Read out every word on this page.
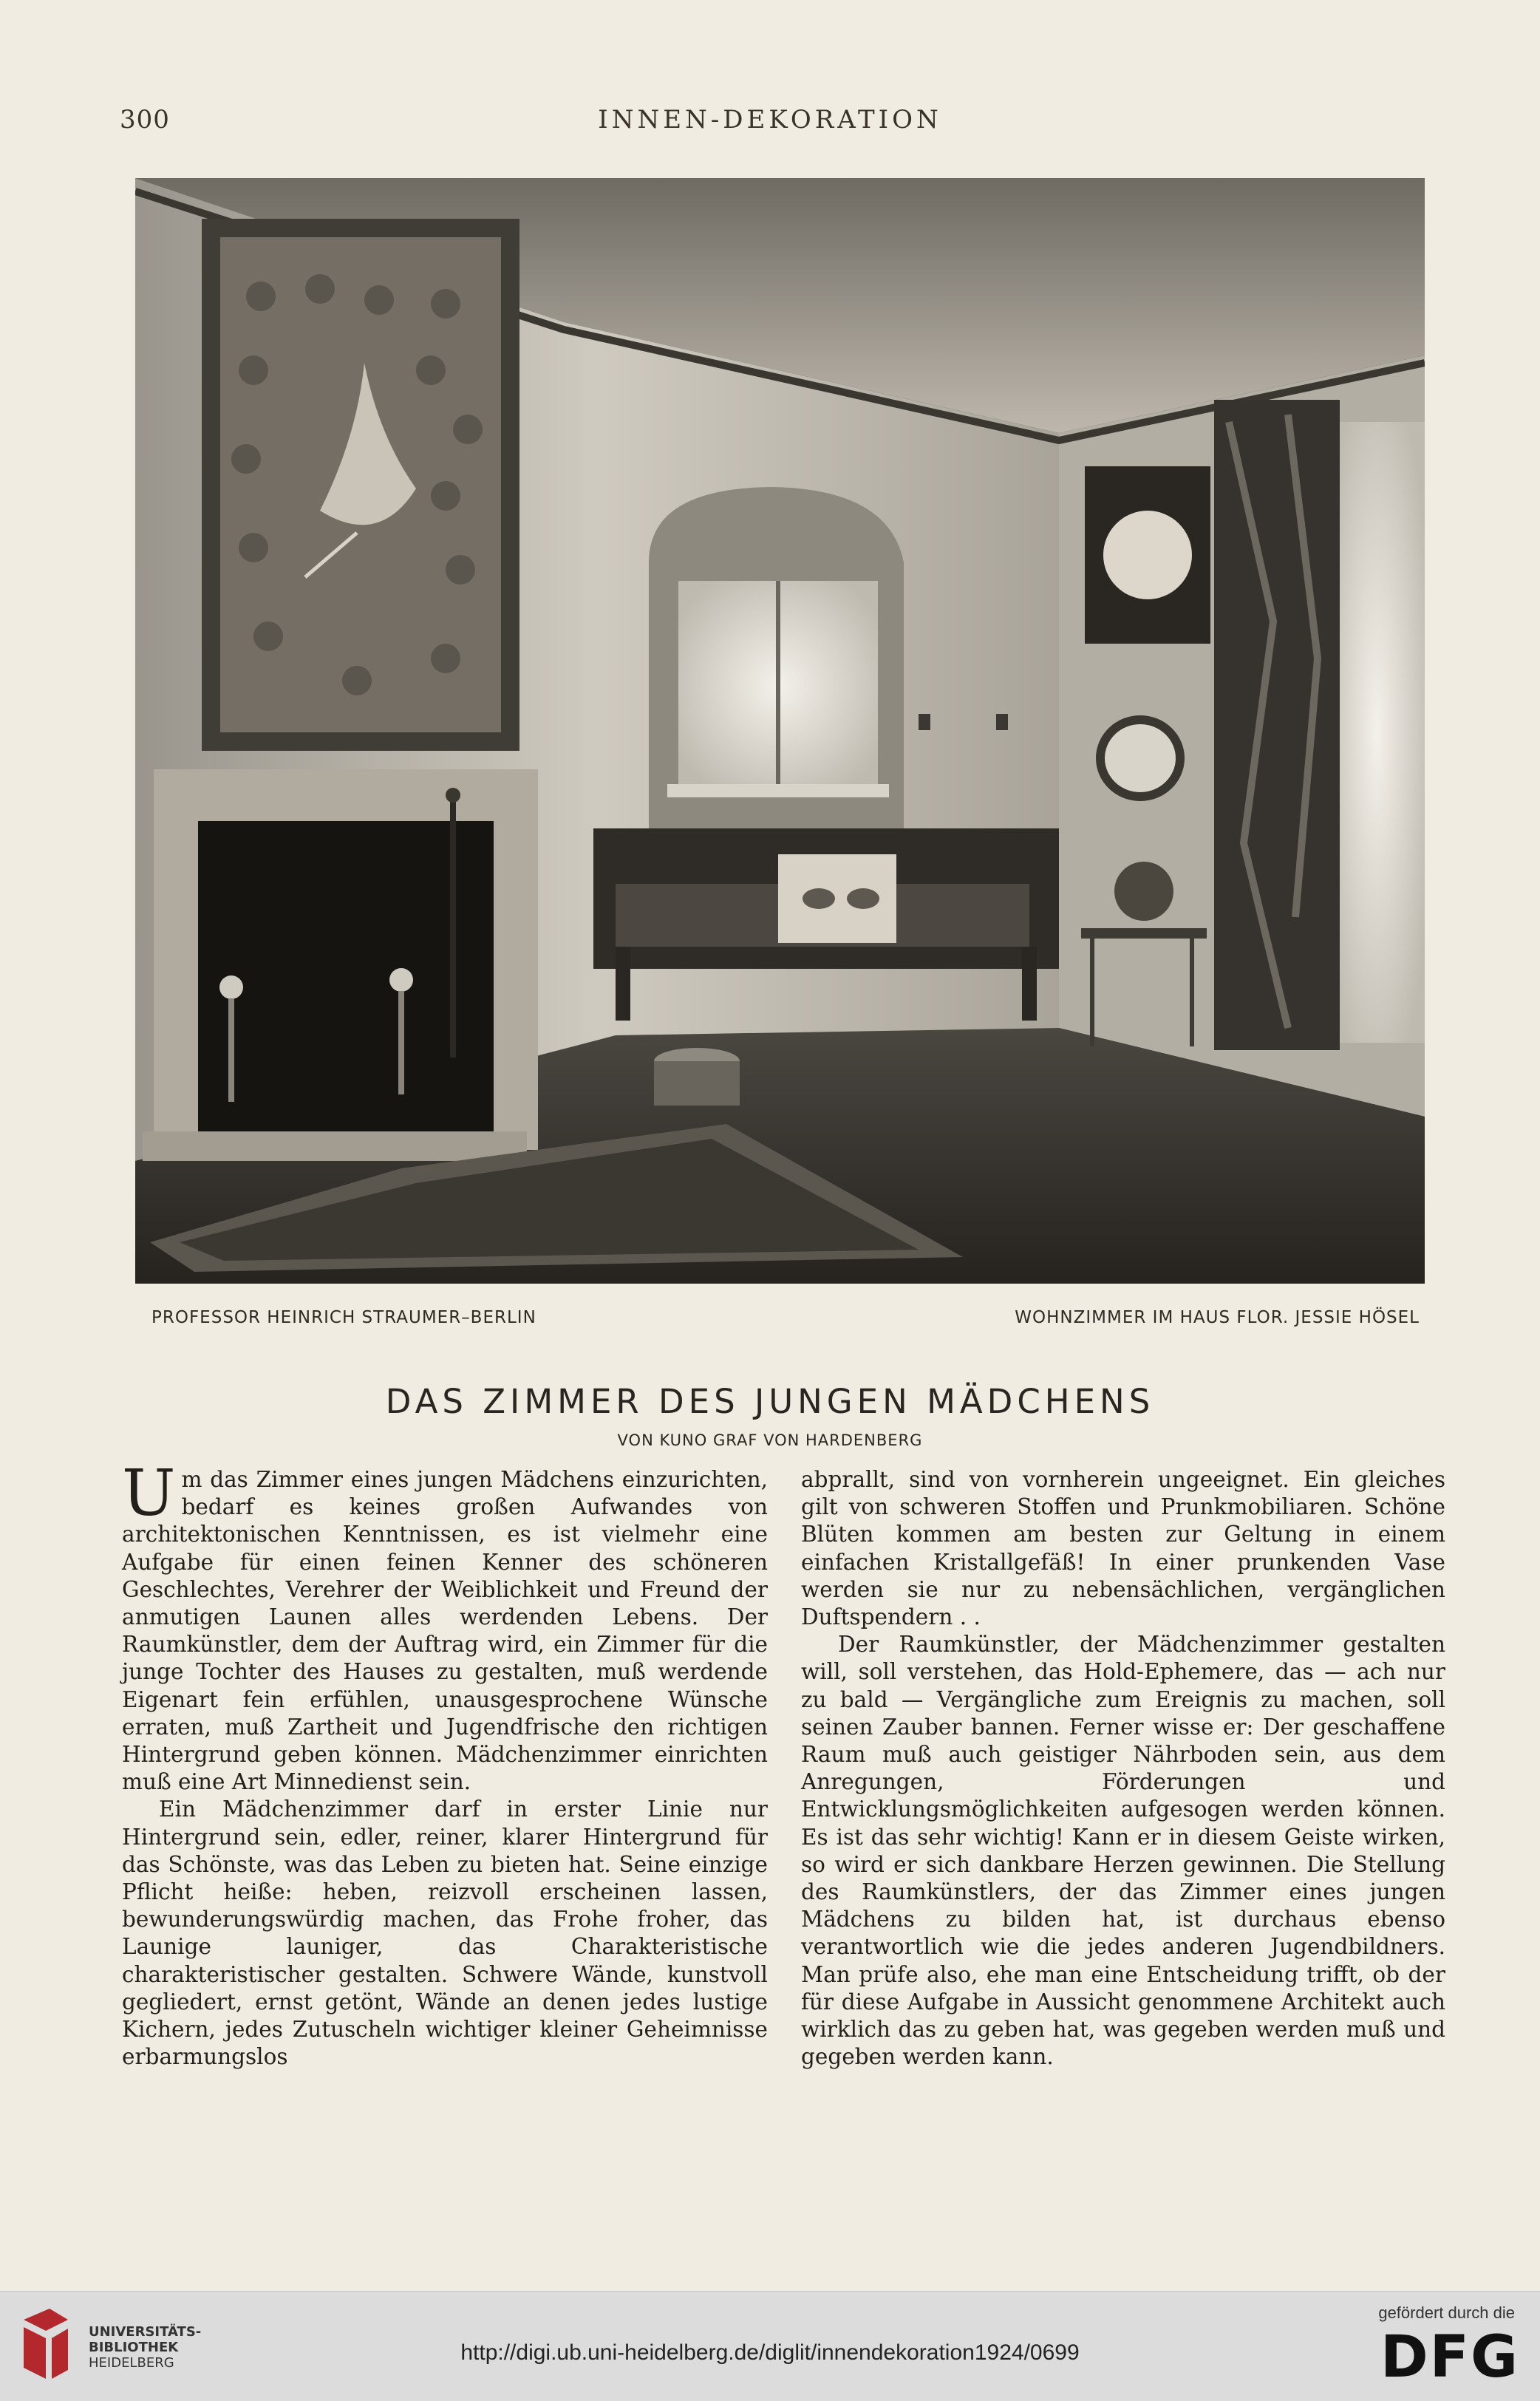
300	INNEN-DEKORATION
PROFESSOR HEINRICH STRAUMER–BERLIN	WOHNZIMMER IM HAUS FLOR. JESSIE HÖSEL
DAS ZIMMER DES JUNGEN MÄDCHENS
VON KUNO GRAF VON HARDENBERG

Um das Zimmer eines jungen Mädchens einzurichten, bedarf es keines großen Aufwandes von architektonischen Kenntnissen, es ist vielmehr eine Aufgabe für einen feinen Kenner des schöneren Geschlechtes, Verehrer der Weiblichkeit und Freund der anmutigen Launen alles werdenden Lebens. Der Raumkünstler, dem der Auftrag wird, ein Zimmer für die junge Tochter des Hauses zu gestalten, muß werdende Eigenart fein erfühlen, unausgesprochene Wünsche erraten, muß Zartheit und Jugendfrische den richtigen Hintergrund geben können. Mädchenzimmer einrichten muß eine Art Minnedienst sein.

Ein Mädchenzimmer darf in erster Linie nur Hintergrund sein, edler, reiner, klarer Hintergrund für das Schönste, was das Leben zu bieten hat. Seine einzige Pflicht heiße: heben, reizvoll erscheinen lassen, bewunderungswürdig machen, das Frohe froher, das Launige launiger, das Charakteristische charakteristischer gestalten. Schwere Wände, kunstvoll gegliedert, ernst getönt, Wände an denen jedes lustige Kichern, jedes Zutuscheln wichtiger kleiner Geheimnisse erbarmungslos

abprallt, sind von vornherein ungeeignet. Ein gleiches gilt von schweren Stoffen und Prunkmobiliaren. Schöne Blüten kommen am besten zur Geltung in einem einfachen Kristallgefäß! In einer prunkenden Vase werden sie nur zu nebensächlichen, vergänglichen Duftspendern . .

Der Raumkünstler, der Mädchenzimmer gestalten will, soll verstehen, das Hold-Ephemere, das — ach nur zu bald — Vergängliche zum Ereignis zu machen, soll seinen Zauber bannen. Ferner wisse er: Der geschaffene Raum muß auch geistiger Nährboden sein, aus dem Anregungen, Förderungen und Entwicklungsmöglichkeiten aufgesogen werden können. Es ist das sehr wichtig! Kann er in diesem Geiste wirken, so wird er sich dankbare Herzen gewinnen. Die Stellung des Raumkünstlers, der das Zimmer eines jungen Mädchens zu bilden hat, ist durchaus ebenso verantwortlich wie die jedes anderen Jugendbildners. Man prüfe also, ehe man eine Entscheidung trifft, ob der für diese Aufgabe in Aussicht genommene Architekt auch wirklich das zu geben hat, was gegeben werden muß und gegeben werden kann.

UNIVERSITÄTS-
BIBLIOTHEK
HEIDELBERG	http://digi.ub.uni-heidelberg.de/diglit/innendekoration1924/0699
gefördert durch die
DFG
